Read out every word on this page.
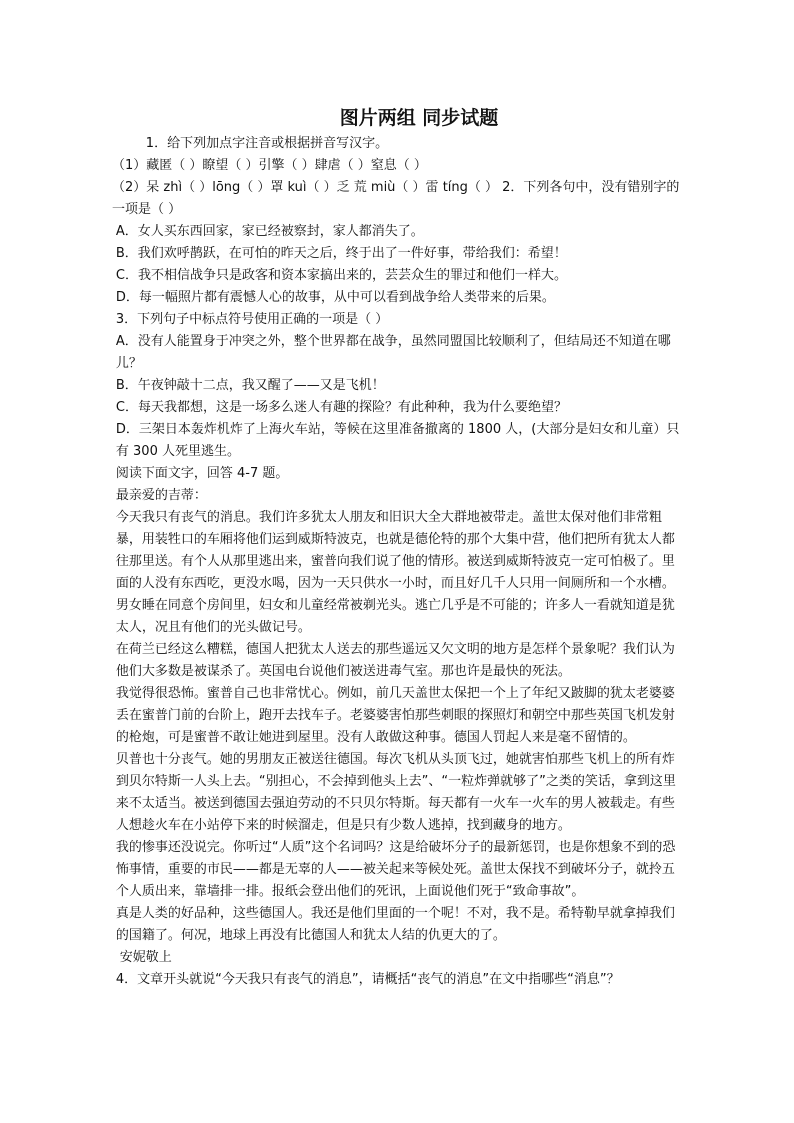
图片两组 同步试题

1．给下列加点字注音或根据拼音写汉字。

（1）藏匿（ ）瞭望（ ）引擎（ ）肆虐（ ）窒息（ ）

（2）呆 zhì（ ）lōng（ ）罩 kuì（ ）乏 荒 miù（ ）雷 tíng（ ） 2．下列各句中，没有错别字的一项是（ ）

A．女人买东西回家，家已经被察封，家人都消失了。

B．我们欢呼鹊跃，在可怕的昨天之后，终于出了一件好事，带给我们：希望！

C．我不相信战争只是政客和资本家搞出来的，芸芸众生的罪过和他们一样大。

D．每一幅照片都有震憾人心的故事，从中可以看到战争给人类带来的后果。

3．下列句子中标点符号使用正确的一项是（ ）

A．没有人能置身于冲突之外，整个世界都在战争，虽然同盟国比较顺利了，但结局还不知道在哪儿？

B．午夜钟敲十二点，我又醒了——又是飞机！

C．每天我都想，这是一场多么迷人有趣的探险？有此种种，我为什么要绝望？

D．三架日本轰炸机炸了上海火车站，等候在这里准备撤离的 1800 人，(大部分是妇女和儿童）只有 300 人死里逃生。

阅读下面文字，回答 4-7 题。

最亲爱的吉蒂：

今天我只有丧气的消息。我们许多犹太人朋友和旧识大全大群地被带走。盖世太保对他们非常粗暴，用装牲口的车厢将他们运到威斯特波克，也就是德伦特的那个大集中营，他们把所有犹太人都往那里送。有个人从那里逃出来，蜜普向我们说了他的情形。被送到威斯特波克一定可怕极了。里面的人没有东西吃，更没水喝，因为一天只供水一小时，而且好几千人只用一间厕所和一个水槽。男女睡在同意个房间里，妇女和儿童经常被剃光头。逃亡几乎是不可能的；许多人一看就知道是犹太人，况且有他们的光头做记号。

在荷兰已经这么糟糕，德国人把犹太人送去的那些遥远又欠文明的地方是怎样个景象呢？我们认为他们大多数是被谋杀了。英国电台说他们被送进毒气室。那也许是最快的死法。

我觉得很恐怖。蜜普自己也非常忧心。例如，前几天盖世太保把一个上了年纪又跛脚的犹太老婆婆丢在蜜普门前的台阶上，跑开去找车子。老婆婆害怕那些刺眼的探照灯和朝空中那些英国飞机发射的枪炮，可是蜜普不敢让她进到屋里。没有人敢做这种事。德国人罚起人来是毫不留情的。

贝普也十分丧气。她的男朋友正被送往德国。每次飞机从头顶飞过，她就害怕那些飞机上的所有炸到贝尔特斯一人头上去。“别担心，不会掉到他头上去”、“一粒炸弹就够了”之类的笑话，拿到这里来不太适当。被送到德国去强迫劳动的不只贝尔特斯。每天都有一火车一火车的男人被载走。有些人想趁火车在小站停下来的时候溜走，但是只有少数人逃掉，找到藏身的地方。

我的惨事还没说完。你听过“人质”这个名词吗？这是给破坏分子的最新惩罚，也是你想象不到的恐怖事情，重要的市民——都是无辜的人——被关起来等候处死。盖世太保找不到破坏分子，就拎五个人质出来，靠墙排一排。报纸会登出他们的死讯，上面说他们死于“致命事故”。

真是人类的好品种，这些德国人。我还是他们里面的一个呢！不对，我不是。希特勒早就拿掉我们的国籍了。何况，地球上再没有比德国人和犹太人结的仇更大的了。

安妮敬上

4．文章开头就说“今天我只有丧气的消息”，请概括“丧气的消息”在文中指哪些“消息”？
